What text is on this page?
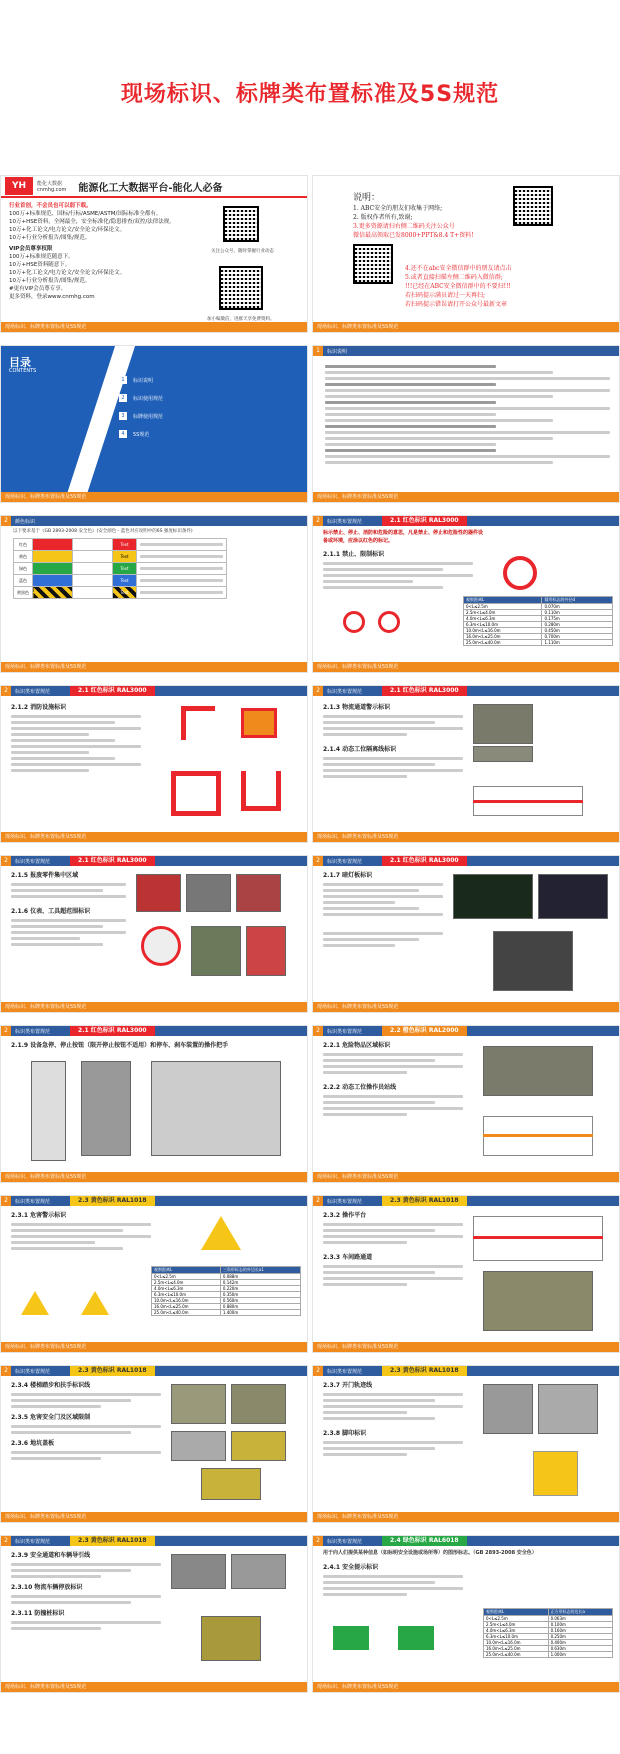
现场标识、标牌类布置标准及5S规范
YH	能化大数据
cnmhg.com 能源化工大数据平台-能化人必备
行业首创，不会员也可以弱下载。
100万+标准规范、国标/行标/ASME/ASTM/国际标准全都有。
10万+HSE资料，全网最全，安全标准化/隐患排查/双控/法律法规。
10万+化工论文/电力论文/安全论文/环保论文。
10万+行业分析报告/图集/规范。
VIP会员尊享权限
100万+标准规范随意下。
10万+HSE资料随意下。
10万+化工论文/电力论文/安全论文/环保论文。
10万+行业分析报告/图集/规范。
#更有VIP会员尊专享。
更多资料，登录www.cnmhg.com
关注公众号，随时掌握行业动态
加小编微信，进群天享免费资料。
现场标识、标牌类布置标准及5S规范
说明：
1. ABC安全的朋友们收集于网络;
2. 版权作者所有,致谢;
3.更多资源请扫右侧二维码关注公众号
微信最高领取已发8000+PPT&8.4 T+资料!
4.还不在abc安全微信群中的朋友请点击
5.或者直接扫描左侧二维码入微信群;
!!!已经在ABC安全微信群中的不要扫!!!
若扫码提示满员请过一天再扫;
若扫码提示错误请打开公众号最新文章
现场标识、标牌类布置标准及5S规范
目录
CONTENTS
1	标识说明
2	标识使用规范
3	标牌使用规范
4	5S规范
现场标识、标牌类布置标准及5S规范
1	标识说明
现场标识、标牌类布置标准及5S规范
2	颜色标识
以下要求基于《GB 2893-2008 安全色》(安全颜色 - 蓝色对应说明中的6S 强度标识条件)
红色			Text	

黄色			Text	

绿色			Text	

蓝色			Text	

黄黑色			Text	
现场标识、标牌类布置标准及5S规范
2	标识类布置规范	2.1 红色标识 RAL3000
标示禁止、停止、消防和危险的意思，凡是禁止、停止和危险性的器件设备或环境，应涂以红色的标记。
2.1.1 禁止、限制标识
观察距离L	圆形标志的外径d
0<L≤2.5m	0.070m
2.5m<L≤4.0m	0.110m
4.0m<L≤6.3m	0.175m
6.3m<L≤10.0m	0.280m
10.0m<L≤16.0m	0.450m
16.0m<L≤25.0m	0.700m
25.0m<L≤40.0m	1.110m
现场标识、标牌类布置标准及5S规范
2	标识类布置规范	2.1 红色标识 RAL3000
2.1.2 消防设施标识
现场标识、标牌类布置标准及5S规范
2	标识类布置规范	2.1 红色标识 RAL3000
2.1.3 物流通道警示标识
2.1.4 动态工位隔离线标识
现场标识、标牌类布置标准及5S规范
2	标识类布置规范	2.1 红色标识 RAL3000
2.1.5 报废零件集中区域
2.1.6 仪表、工具超范围标识
现场标识、标牌类布置标准及5S规范
2	标识类布置规范	2.1 红色标识 RAL3000
2.1.7 暗灯板标识
现场标识、标牌类布置标准及5S规范
2	标识类布置规范	2.1 红色标识 RAL3000
2.1.9 设备急停、停止按钮（限开停止按钮不适用）和停车、刹车装置的操作把手
现场标识、标牌类布置标准及5S规范
2	标识类布置规范	2.2 橙色标识 RAL2000
2.2.1 危险物品区域标识
2.2.2 动态工位操作员站线
现场标识、标牌类布置标准及5S规范
2	标识类布置规范	2.3 黄色标识 RAL1018
2.3.1 危害警示标识
观察距离L	三角形标志的外边长a1
0<L≤2.5m	0.088m
2.5m<L≤4.0m	0.142m
4.0m<L≤6.3m	0.220m
6.3m<L≤10.0m	0.350m
10.0m<L≤16.0m	0.560m
16.0m<L≤25.0m	0.880m
25.0m<L≤40.0m	1.400m
现场标识、标牌类布置标准及5S规范
2	标识类布置规范	2.3 黄色标识 RAL1018
2.3.2 操作平台
2.3.3 车间路通道
现场标识、标牌类布置标准及5S规范
2	标识类布置规范	2.3 黄色标识 RAL1018
2.3.4 楼梯踏步和扶手标识线
2.3.5 危害安全门及区域限制
2.3.6 地坑盖板
现场标识、标牌类布置标准及5S规范
2	标识类布置规范	2.3 黄色标识 RAL1018
2.3.7 开门轨迹线
2.3.8 脚印标识
现场标识、标牌类布置标准及5S规范
2	标识类布置规范	2.3 黄色标识 RAL1018
2.3.9 安全通道和车辆导引线
2.3.10 物流车辆停放标识
2.3.11 防撞桩标识
现场标识、标牌类布置标准及5S规范
2	标识类布置规范	2.4 绿色标识 RAL6018
用于向人们提供某种信息（如标明安全设施或场所等）的图形标志。（GB 2893-2008 安全色）
2.4.1 安全提示标识
观察距离L	正方形标志的边长a
0<L≤2.5m	0.063m
2.5m<L≤4.0m	0.100m
4.0m<L≤6.3m	0.160m
6.3m<L≤10.0m	0.250m
10.0m<L≤16.0m	0.400m
16.0m<L≤25.0m	0.630m
25.0m<L≤40.0m	1.000m
现场标识、标牌类布置标准及5S规范
